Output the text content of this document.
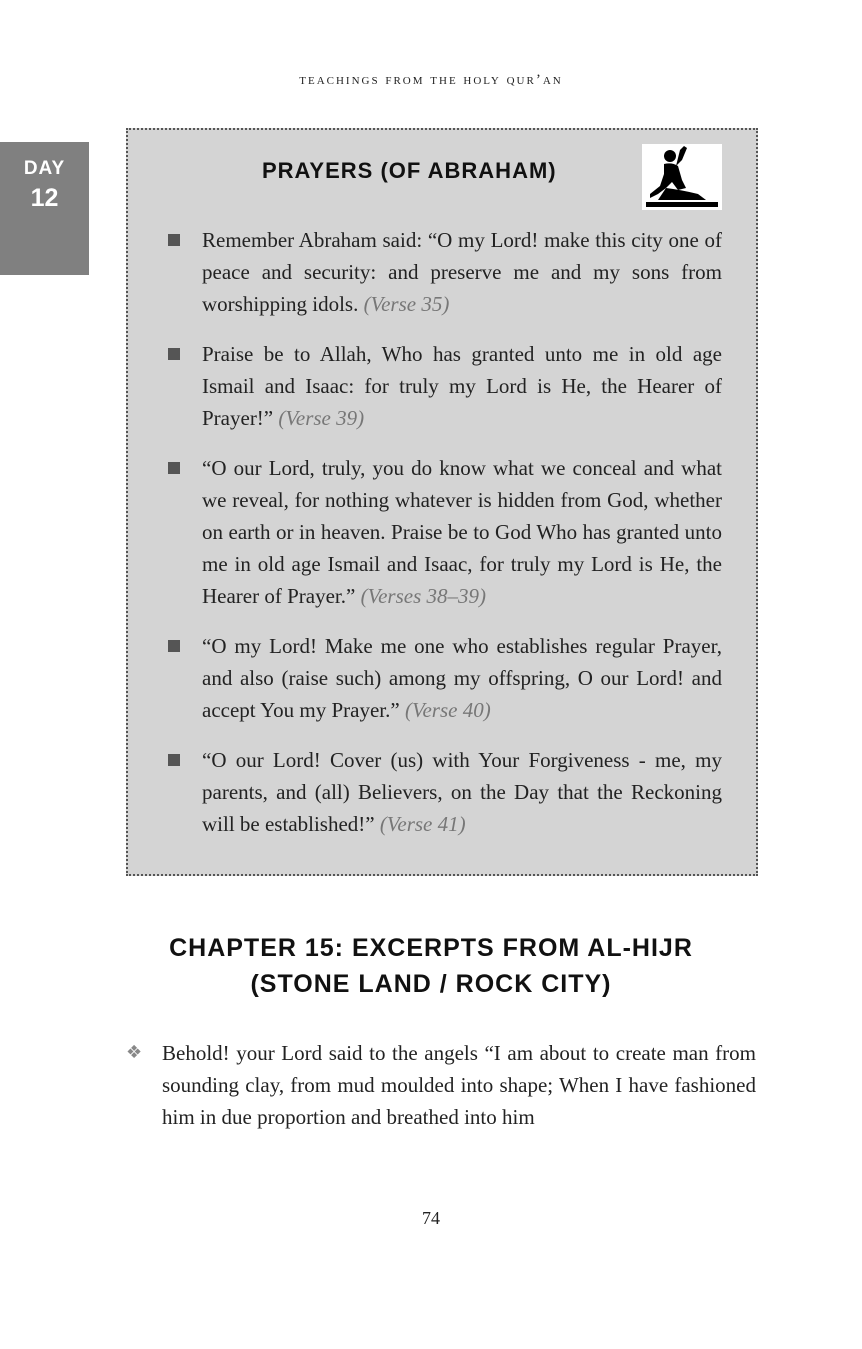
teachings from the holy qur’an
DAY
12
PRAYERS (OF ABRAHAM)
Remember Abraham said: “O my Lord! make this city one of peace and security: and preserve me and my sons from worshipping idols. (Verse 35)
Praise be to Allah, Who has granted unto me in old age Ismail and Isaac: for truly my Lord is He, the Hearer of Prayer!” (Verse 39)
“O our Lord, truly, you do know what we conceal and what we reveal, for nothing whatever is hidden from God, whether on earth or in heaven. Praise be to God Who has granted unto me in old age Ismail and Isaac, for truly my Lord is He, the Hearer of Prayer.” (Verses 38–39)
“O my Lord! Make me one who establishes regular Prayer, and also (raise such) among my offspring, O our Lord! and accept You my Prayer.” (Verse 40)
“O our Lord! Cover (us) with Your Forgiveness - me, my parents, and (all) Believers, on the Day that the Reckoning will be established!” (Verse 41)
CHAPTER 15: EXCERPTS FROM AL-HIJR
(STONE LAND / ROCK CITY)
❖ Behold! your Lord said to the angels “I am about to create man from sounding clay, from mud moulded into shape; When I have fashioned him in due proportion and breathed into him
74
